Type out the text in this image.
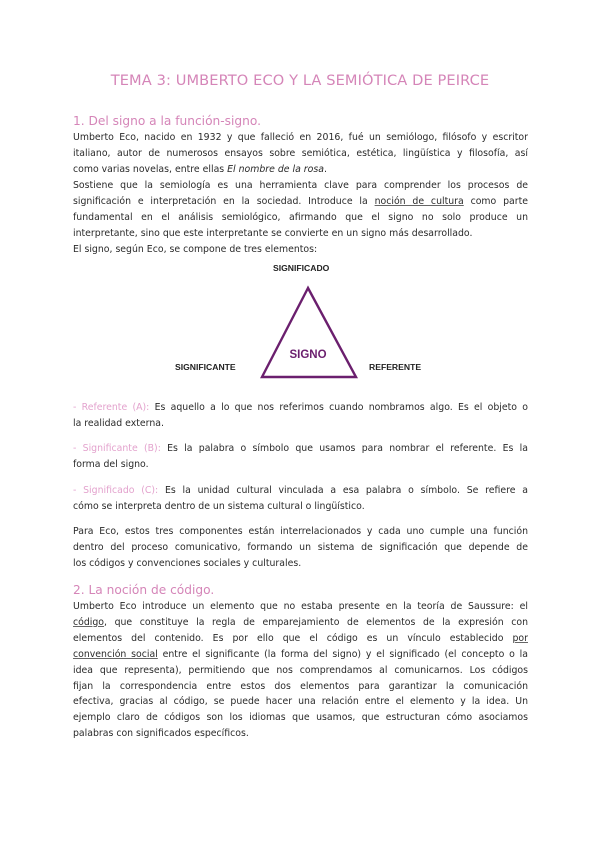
TEMA 3: UMBERTO ECO Y LA SEMIÓTICA DE PEIRCE
1. Del signo a la función-signo.

Umberto Eco, nacido en 1932 y que falleció en 2016, fué un semiólogo, filósofo y escritor
italiano, autor de numerosos ensayos sobre semiótica, estética, lingüística y filosofía, así
como varias novelas, entre ellas El nombre de la rosa.

Sostiene que la semiología es una herramienta clave para comprender los procesos de
significación e interpretación en la sociedad. Introduce la noción de cultura como parte
fundamental en el análisis semiológico, afirmando que el signo no solo produce un
interpretante, sino que este interpretante se convierte en un signo más desarrollado.

El signo, según Eco, se compone de tres elementos:

SIGNO
SIGNIFICADO
SIGNIFICANTE	REFERENTE

- Referente (A): Es aquello a lo que nos referimos cuando nombramos algo. Es el objeto o
la realidad externa.

- Significante (B): Es la palabra o símbolo que usamos para nombrar el referente. Es la
forma del signo.

- Significado (C): Es la unidad cultural vinculada a esa palabra o símbolo. Se refiere a
cómo se interpreta dentro de un sistema cultural o lingüístico.

Para Eco, estos tres componentes están interrelacionados y cada uno cumple una función
dentro del proceso comunicativo, formando un sistema de significación que depende de
los códigos y convenciones sociales y culturales.

2. La noción de código.

Umberto Eco introduce un elemento que no estaba presente en la teoría de Saussure: el
código, que constituye la regla de emparejamiento de elementos de la expresión con
elementos del contenido. Es por ello que el código es un vínculo establecido por
convención social entre el significante (la forma del signo) y el significado (el concepto o la
idea que representa), permitiendo que nos comprendamos al comunicarnos. Los códigos
fijan la correspondencia entre estos dos elementos para garantizar la comunicación
efectiva, gracias al código, se puede hacer una relación entre el elemento y la idea. Un
ejemplo claro de códigos son los idiomas que usamos, que estructuran cómo asociamos
palabras con significados específicos.
